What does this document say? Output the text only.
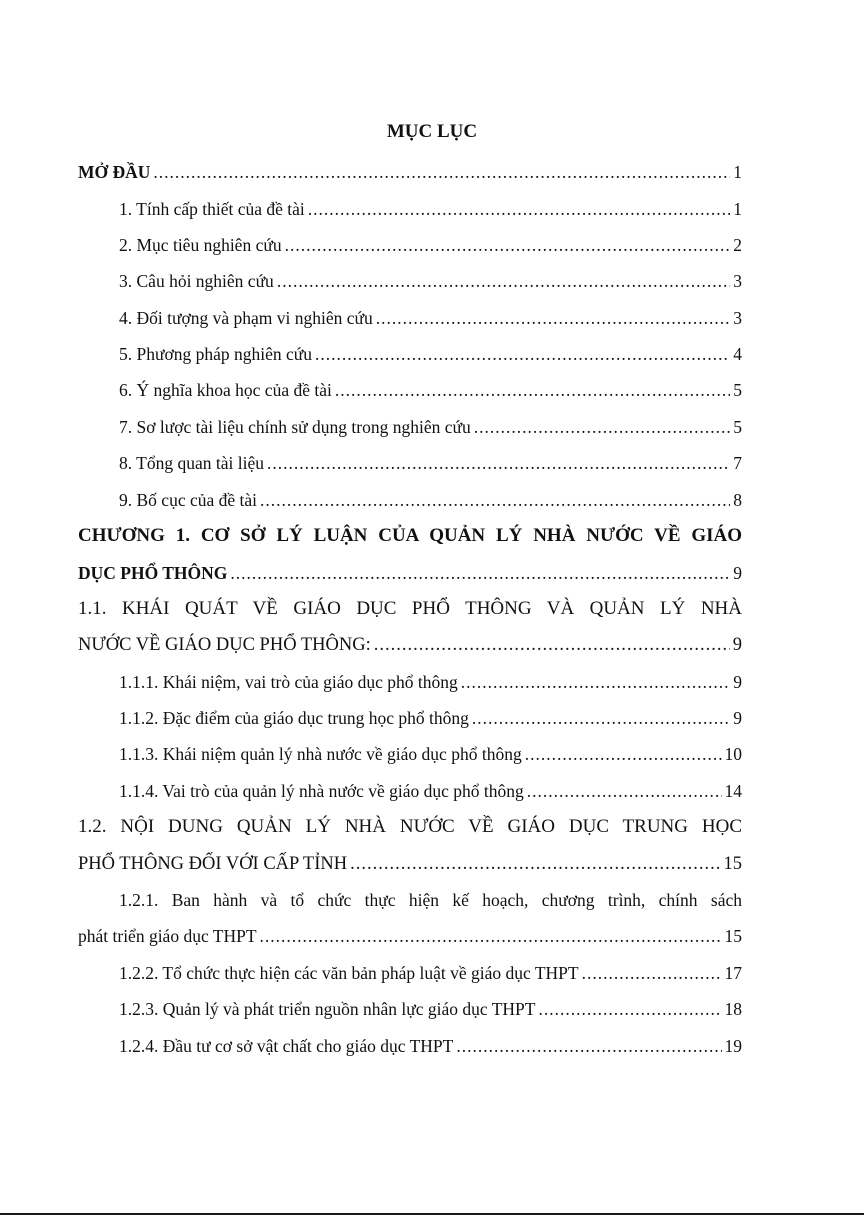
MỤC LỤC
MỞ ĐẦU .....	1
1. Tính cấp thiết của đề tài .....	1
2. Mục tiêu nghiên cứu .....	2
3. Câu hỏi nghiên cứu .....	3
4. Đối tượng và phạm vi nghiên cứu .....	3
5. Phương pháp nghiên cứu .....	4
6. Ý nghĩa khoa học của đề tài .....	5
7. Sơ lược tài liệu chính sử dụng trong nghiên cứu .....	5
8. Tổng quan tài liệu .....	7
9. Bố cục của đề tài .....	8
CHƯƠNG 1. CƠ SỞ LÝ LUẬN CỦA QUẢN LÝ NHÀ NƯỚC VỀ GIÁO
DỤC PHỔ THÔNG .....	9
1.1. KHÁI QUÁT VỀ GIÁO DỤC PHỔ THÔNG VÀ QUẢN LÝ NHÀ
NƯỚC VỀ GIÁO DỤC PHỔ THÔNG: .....	9
1.1.1. Khái niệm, vai trò của giáo dục phổ thông .....	9
1.1.2. Đặc điểm của giáo dục trung học phổ thông .....	9
1.1.3. Khái niệm quản lý nhà nước về giáo dục phổ thông .....	10
1.1.4. Vai trò của quản lý nhà nước về giáo dục phổ thông .....	14
1.2. NỘI DUNG QUẢN LÝ NHÀ NƯỚC VỀ GIÁO DỤC TRUNG HỌC
PHỔ THÔNG ĐỐI VỚI CẤP TỈNH .....	15
1.2.1. Ban hành và tổ chức thực hiện kế hoạch, chương trình, chính sách
phát triển giáo dục THPT .....	15
1.2.2. Tổ chức thực hiện các văn bản pháp luật về giáo dục THPT .....	17
1.2.3. Quản lý và phát triển nguồn nhân lực giáo dục THPT .....	18
1.2.4. Đầu tư cơ sở vật chất cho giáo dục THPT .....	19
